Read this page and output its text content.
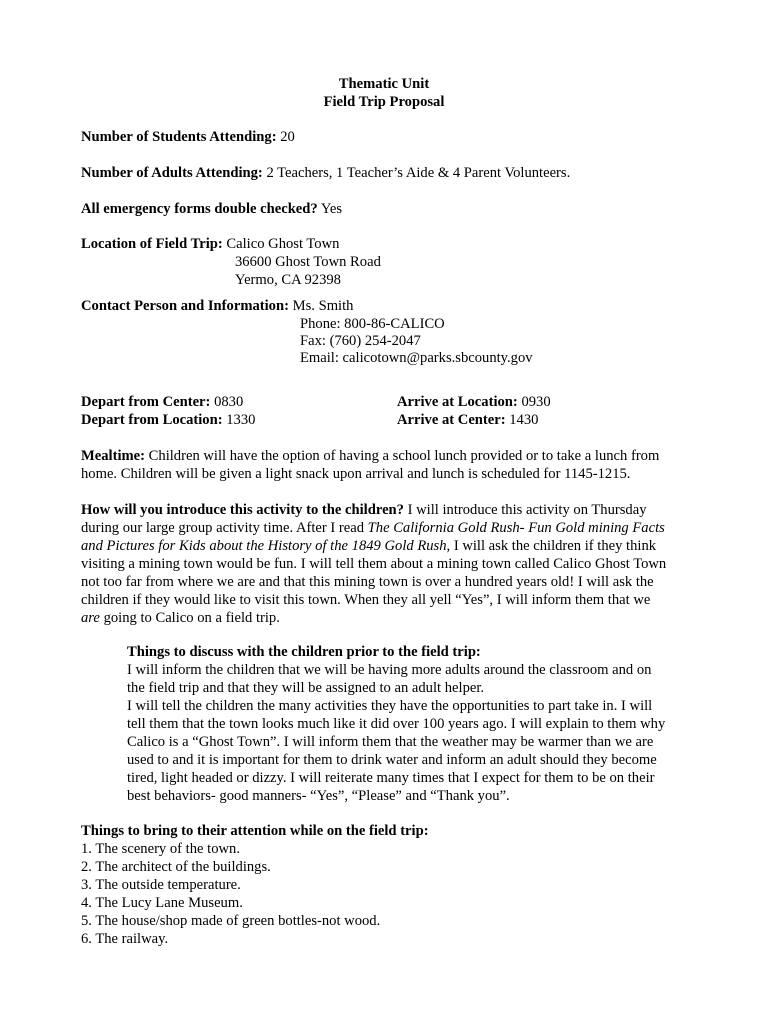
Thematic Unit
Field Trip Proposal
Number of Students Attending: 20
Number of Adults Attending: 2 Teachers, 1 Teacher’s Aide & 4 Parent Volunteers.
All emergency forms double checked? Yes
Location of Field Trip: Calico Ghost Town
36600 Ghost Town Road
Yermo, CA 92398
Contact Person and Information: Ms. Smith
Phone: 800-86-CALICO
Fax: (760) 254-2047
Email: calicotown@parks.sbcounty.gov
Depart from Center: 0830	Arrive at Location: 0930
Depart from Location: 1330	Arrive at Center: 1430
Mealtime: Children will have the option of having a school lunch provided or to take a lunch from
home. Children will be given a light snack upon arrival and lunch is scheduled for 1145-1215.
How will you introduce this activity to the children? I will introduce this activity on Thursday
during our large group activity time. After I read The California Gold Rush- Fun Gold mining Facts
and Pictures for Kids about the History of the 1849 Gold Rush, I will ask the children if they think
visiting a mining town would be fun. I will tell them about a mining town called Calico Ghost Town
not too far from where we are and that this mining town is over a hundred years old! I will ask the
children if they would like to visit this town. When they all yell “Yes”, I will inform them that we
are going to Calico on a field trip.
Things to discuss with the children prior to the field trip:
I will inform the children that we will be having more adults around the classroom and on
the field trip and that they will be assigned to an adult helper.
I will tell the children the many activities they have the opportunities to part take in. I will
tell them that the town looks much like it did over 100 years ago. I will explain to them why
Calico is a “Ghost Town”. I will inform them that the weather may be warmer than we are
used to and it is important for them to drink water and inform an adult should they become
tired, light headed or dizzy. I will reiterate many times that I expect for them to be on their
best behaviors- good manners- “Yes”, “Please” and “Thank you”.
Things to bring to their attention while on the field trip:
1. The scenery of the town.
2. The architect of the buildings.
3. The outside temperature.
4. The Lucy Lane Museum.
5. The house/shop made of green bottles-not wood.
6. The railway.
